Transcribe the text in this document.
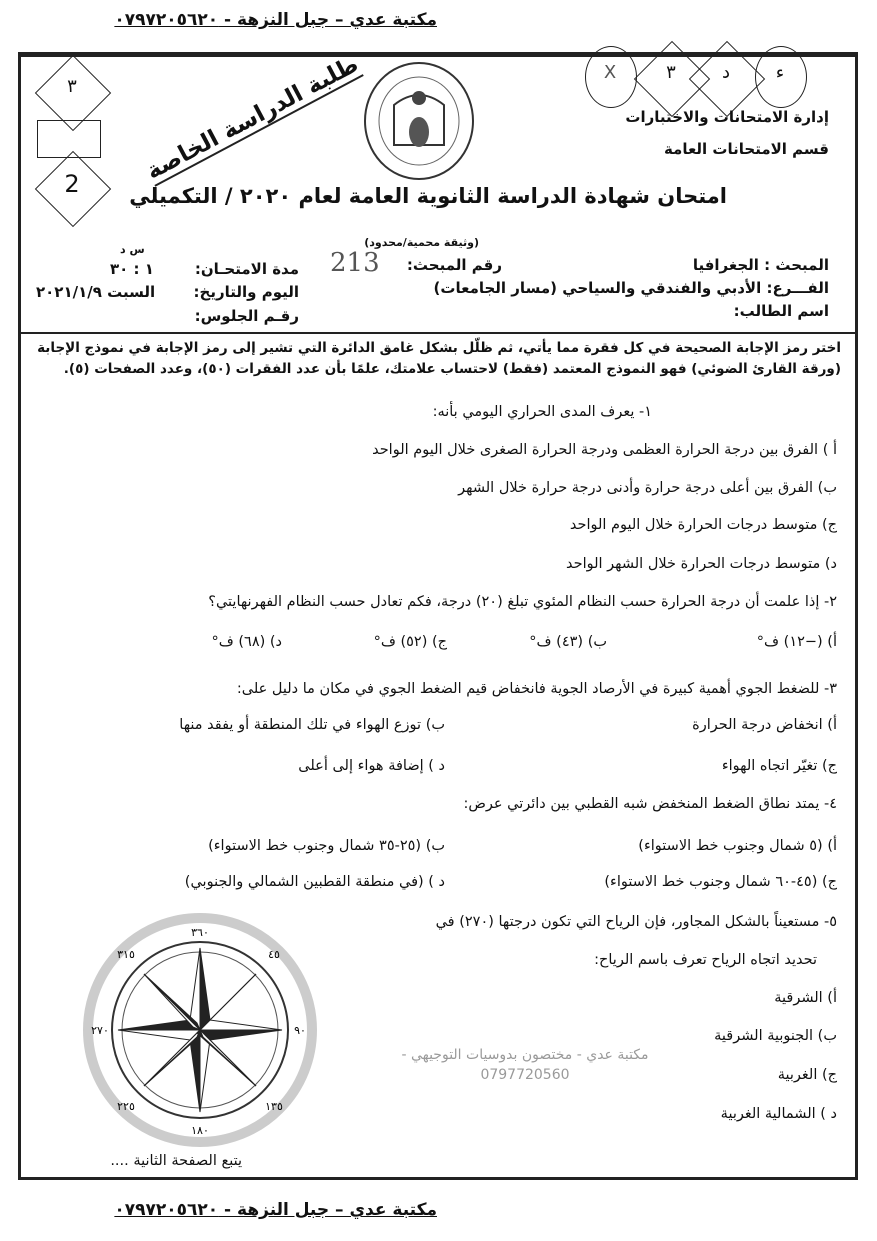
مكتبة عدي – جبل النزهة - ٠٧٩٧٢٠٥٦٢٠
ء
د
٣
X
إدارة الامتحانات والاختبارات
قسم الامتحانات العامة
طلبة الدراسة الخاصة
٣
2	امتحان شهادة الدراسة الثانوية العامة لعام ٢٠٢٠ / التكميلي
(وثيقة محمية/محدود)
المبحث : الجغرافيا
الفـــرع: الأدبي والفندقي والسياحي (مسار الجامعات)
اسم الطالب:
رقم المبحث:
213
مدة الامتحـان:
س د
١ : ٣٠
اليوم والتاريخ:
السبت ٢٠٢١/١/٩
رقـم الجلوس:
اختر رمز الإجابة الصحيحة في كل فقرة مما يأتي، ثم ظلّل بشكل غامق الدائرة التي تشير إلى رمز الإجابة في نموذج الإجابة (ورقة القارئ الضوئي) فهو النموذج المعتمد (فقط) لاحتساب علامتك، علمًا بأن عدد الفقرات (٥٠)، وعدد الصفحات (٥).
١- يعرف المدى الحراري اليومي بأنه:
أ ) الفرق بين درجة الحرارة العظمى ودرجة الحرارة الصغرى خلال اليوم الواحد
ب) الفرق بين أعلى درجة حرارة وأدنى درجة حرارة خلال الشهر
ج) متوسط درجات الحرارة خلال اليوم الواحد
د) متوسط درجات الحرارة خلال الشهر الواحد
٢- إذا علمت أن درجة الحرارة حسب النظام المئوي تبلغ (٢٠) درجة، فكم تعادل حسب النظام الفهرنهايتي؟
أ) (−١٢) ف°
ب) (٤٣) ف°
ج) (٥٢) ف°
د) (٦٨) ف°
٣- للضغط الجوي أهمية كبيرة في الأرصاد الجوية فانخفاض قيم الضغط الجوي في مكان ما دليل على:
أ) انخفاض درجة الحرارة
ب) توزع الهواء في تلك المنطقة أو يفقد منها
ج) تغيّر اتجاه الهواء
د ) إضافة هواء إلى أعلى
٤- يمتد نطاق الضغط المنخفض شبه القطبي بين دائرتي عرض:
أ) (٥ شمال وجنوب خط الاستواء)
ب) (٢٥-٣٥ شمال وجنوب خط الاستواء)
ج) (٤٥-٦٠ شمال وجنوب خط الاستواء)
د ) (في منطقة القطبين الشمالي والجنوبي)
٥- مستعيناً بالشكل المجاور، فإن الرياح التي تكون درجتها (٢٧٠) في
تحديد اتجاه الرياح تعرف باسم الرياح:
أ) الشرقية
ب) الجنوبية الشرقية
ج) الغربية
د ) الشمالية الغربية
٣٦٠
٤٥
٩٠
١٣٥
١٨٠
٢٢٥
٢٧٠
٣١٥
مكتبة عدي - مختصون بدوسيات التوجيهي - 0797720560
يتبع الصفحة الثانية ....
مكتبة عدي – جبل النزهة - ٠٧٩٧٢٠٥٦٢٠
